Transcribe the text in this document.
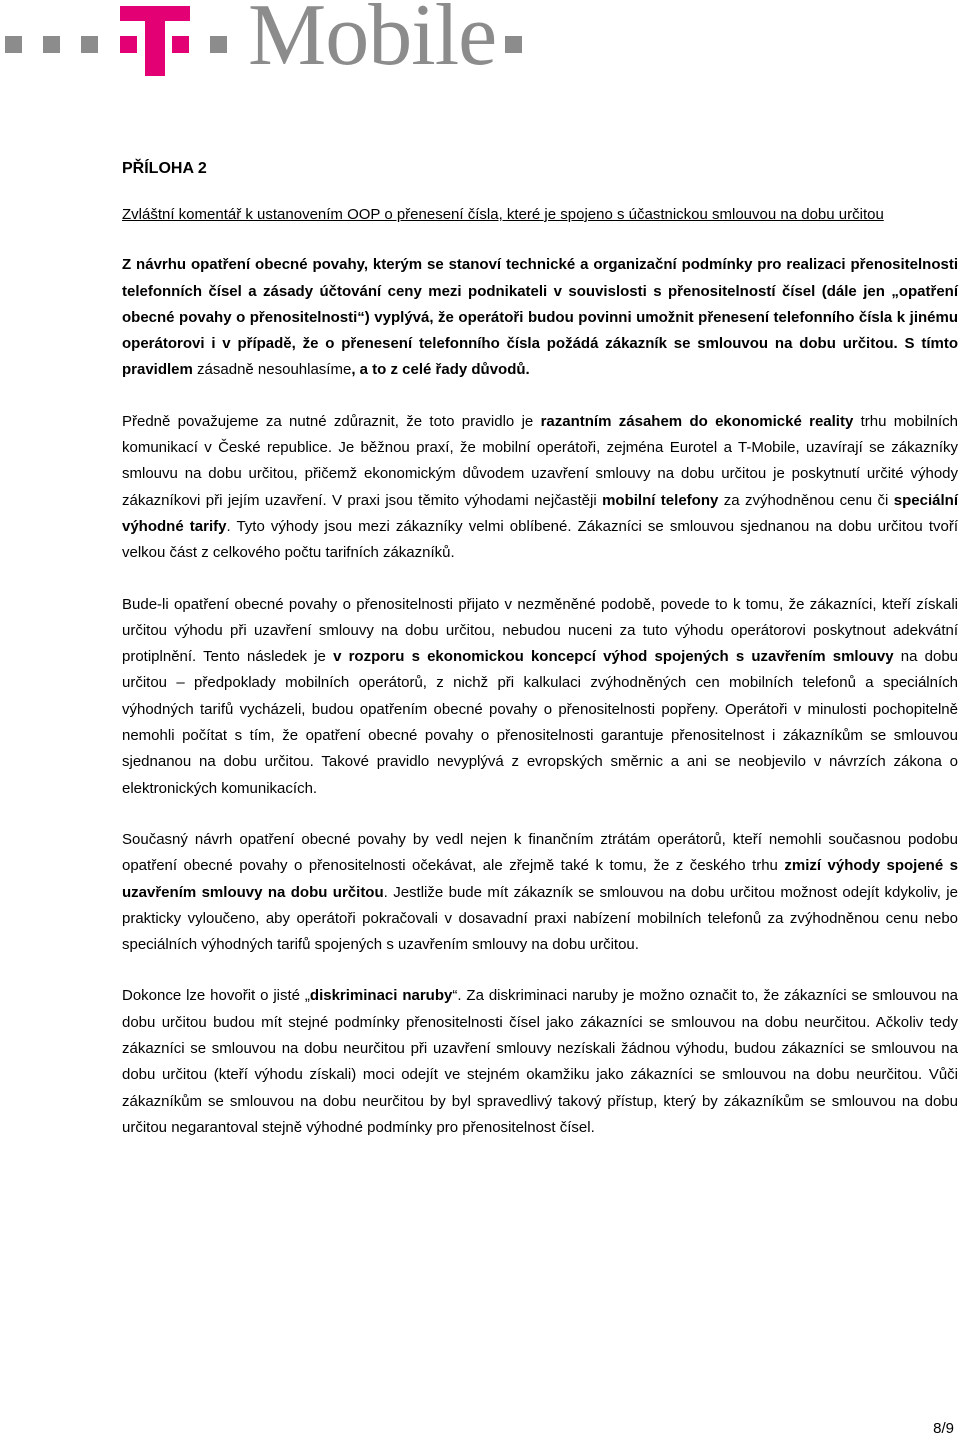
Mobile
PŘÍLOHA 2
Zvláštní komentář k ustanovením OOP o přenesení čísla, které je spojeno s účastnickou smlouvou na dobu určitou

Z návrhu opatření obecné povahy, kterým se stanoví technické a organizační podmínky pro realizaci přenositelnosti telefonních čísel a zásady účtování ceny mezi podnikateli v souvislosti s přenositelností čísel (dále jen „opatření obecné povahy o přenositelnosti“) vyplývá, že operátoři budou povinni umožnit přenesení telefonního čísla k jinému operátorovi i v případě, že o přenesení telefonního čísla požádá zákazník se smlouvou na dobu určitou. S tímto pravidlem zásadně nesouhlasíme, a to z celé řady důvodů.

Předně považujeme za nutné zdůraznit, že toto pravidlo je razantním zásahem do ekonomické reality trhu mobilních komunikací v České republice. Je běžnou praxí, že mobilní operátoři, zejména Eurotel a T-Mobile, uzavírají se zákazníky smlouvu na dobu určitou, přičemž ekonomickým důvodem uzavření smlouvy na dobu určitou je poskytnutí určité výhody zákazníkovi při jejím uzavření. V praxi jsou těmito výhodami nejčastěji mobilní telefony za zvýhodněnou cenu či speciální výhodné tarify. Tyto výhody jsou mezi zákazníky velmi oblíbené. Zákazníci se smlouvou sjednanou na dobu určitou tvoří velkou část z celkového počtu tarifních zákazníků.

Bude-li opatření obecné povahy o přenositelnosti přijato v nezměněné podobě, povede to k tomu, že zákazníci, kteří získali určitou výhodu při uzavření smlouvy na dobu určitou, nebudou nuceni za tuto výhodu operátorovi poskytnout adekvátní protiplnění. Tento následek je v rozporu s ekonomickou koncepcí výhod spojených s uzavřením smlouvy na dobu určitou – předpoklady mobilních operátorů, z nichž při kalkulaci zvýhodněných cen mobilních telefonů a speciálních výhodných tarifů vycházeli, budou opatřením obecné povahy o přenositelnosti popřeny. Operátoři v minulosti pochopitelně nemohli počítat s tím, že opatření obecné povahy o přenositelnosti garantuje přenositelnost i zákazníkům se smlouvou sjednanou na dobu určitou. Takové pravidlo nevyplývá z evropských směrnic a ani se neobjevilo v návrzích zákona o elektronických komunikacích.

Současný návrh opatření obecné povahy by vedl nejen k finančním ztrátám operátorů, kteří nemohli současnou podobu opatření obecné povahy o přenositelnosti očekávat, ale zřejmě také k tomu, že z českého trhu zmizí výhody spojené s uzavřením smlouvy na dobu určitou. Jestliže bude mít zákazník se smlouvou na dobu určitou možnost odejít kdykoliv, je prakticky vyloučeno, aby operátoři pokračovali v dosavadní praxi nabízení mobilních telefonů za zvýhodněnou cenu nebo speciálních výhodných tarifů spojených s uzavřením smlouvy na dobu určitou.

Dokonce lze hovořit o jisté „diskriminaci naruby“. Za diskriminaci naruby je možno označit to, že zákazníci se smlouvou na dobu určitou budou mít stejné podmínky přenositelnosti čísel jako zákazníci se smlouvou na dobu neurčitou. Ačkoliv tedy zákazníci se smlouvou na dobu neurčitou při uzavření smlouvy nezískali žádnou výhodu, budou zákazníci se smlouvou na dobu určitou (kteří výhodu získali) moci odejít ve stejném okamžiku jako zákazníci se smlouvou na dobu neurčitou. Vůči zákazníkům se smlouvou na dobu neurčitou by byl spravedlivý takový přístup, který by zákazníkům se smlouvou na dobu určitou negarantoval stejně výhodné podmínky pro přenositelnost čísel.

8/9
